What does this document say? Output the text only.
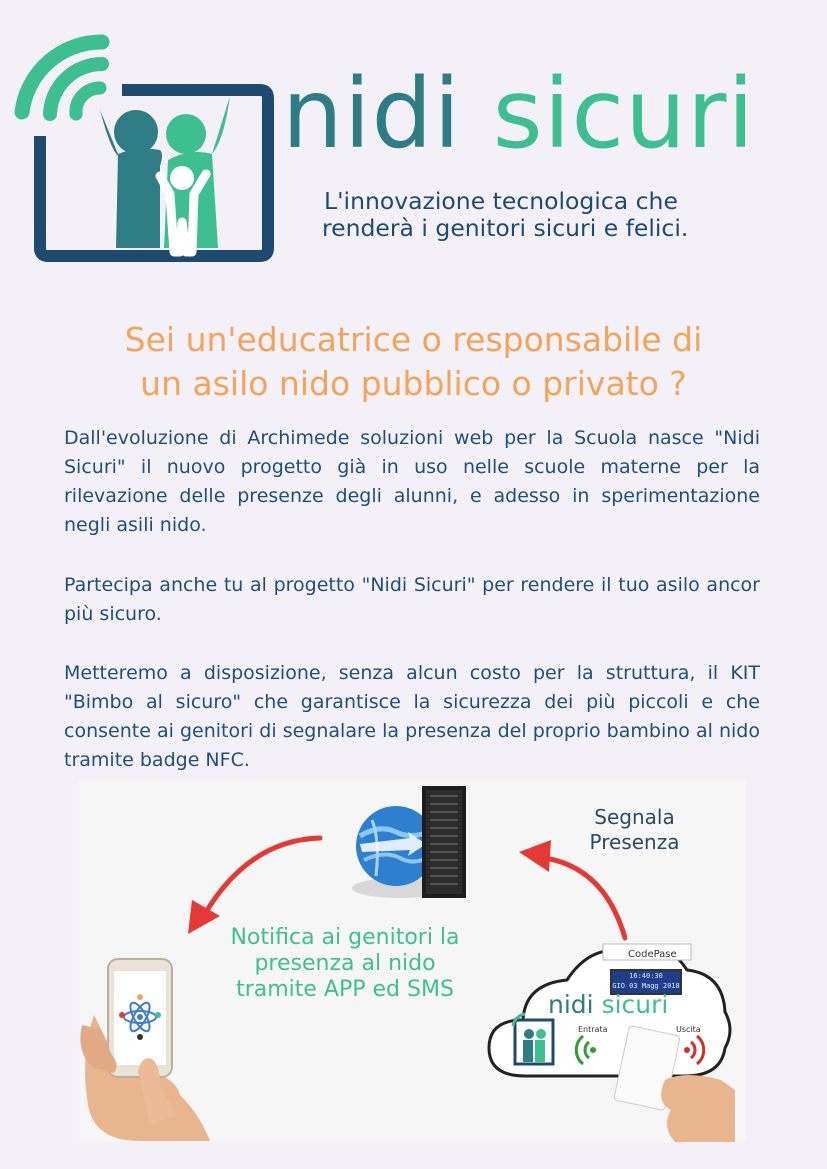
nidi sicuri
L'innovazione tecnologica che
renderà i genitori sicuri e felici.
Sei un'educatrice o responsabile di
un asilo nido pubblico o privato ?

Dall'evoluzione di Archimede soluzioni web per la Scuola nasce "Nidi Sicuri" il nuovo progetto già in uso nelle scuole materne per la rilevazione delle presenze degli alunni, e adesso in sperimentazione negli asili nido.

Partecipa anche tu al progetto "Nidi Sicuri" per rendere il tuo asilo ancor più sicuro.

Metteremo a disposizione, senza alcun costo per la struttura, il KIT "Bimbo al sicuro" che garantisce la sicurezza dei più piccoli e che consente ai genitori di segnalare la presenza del proprio bambino al nido tramite badge NFC.

Segnala
Presenza
Notifica ai genitori la
presenza al nido
tramite APP ed SMS
CodePase
16:40:30
GIO 03 Magg 2018
nidi sicuri
Entrata	Uscita
